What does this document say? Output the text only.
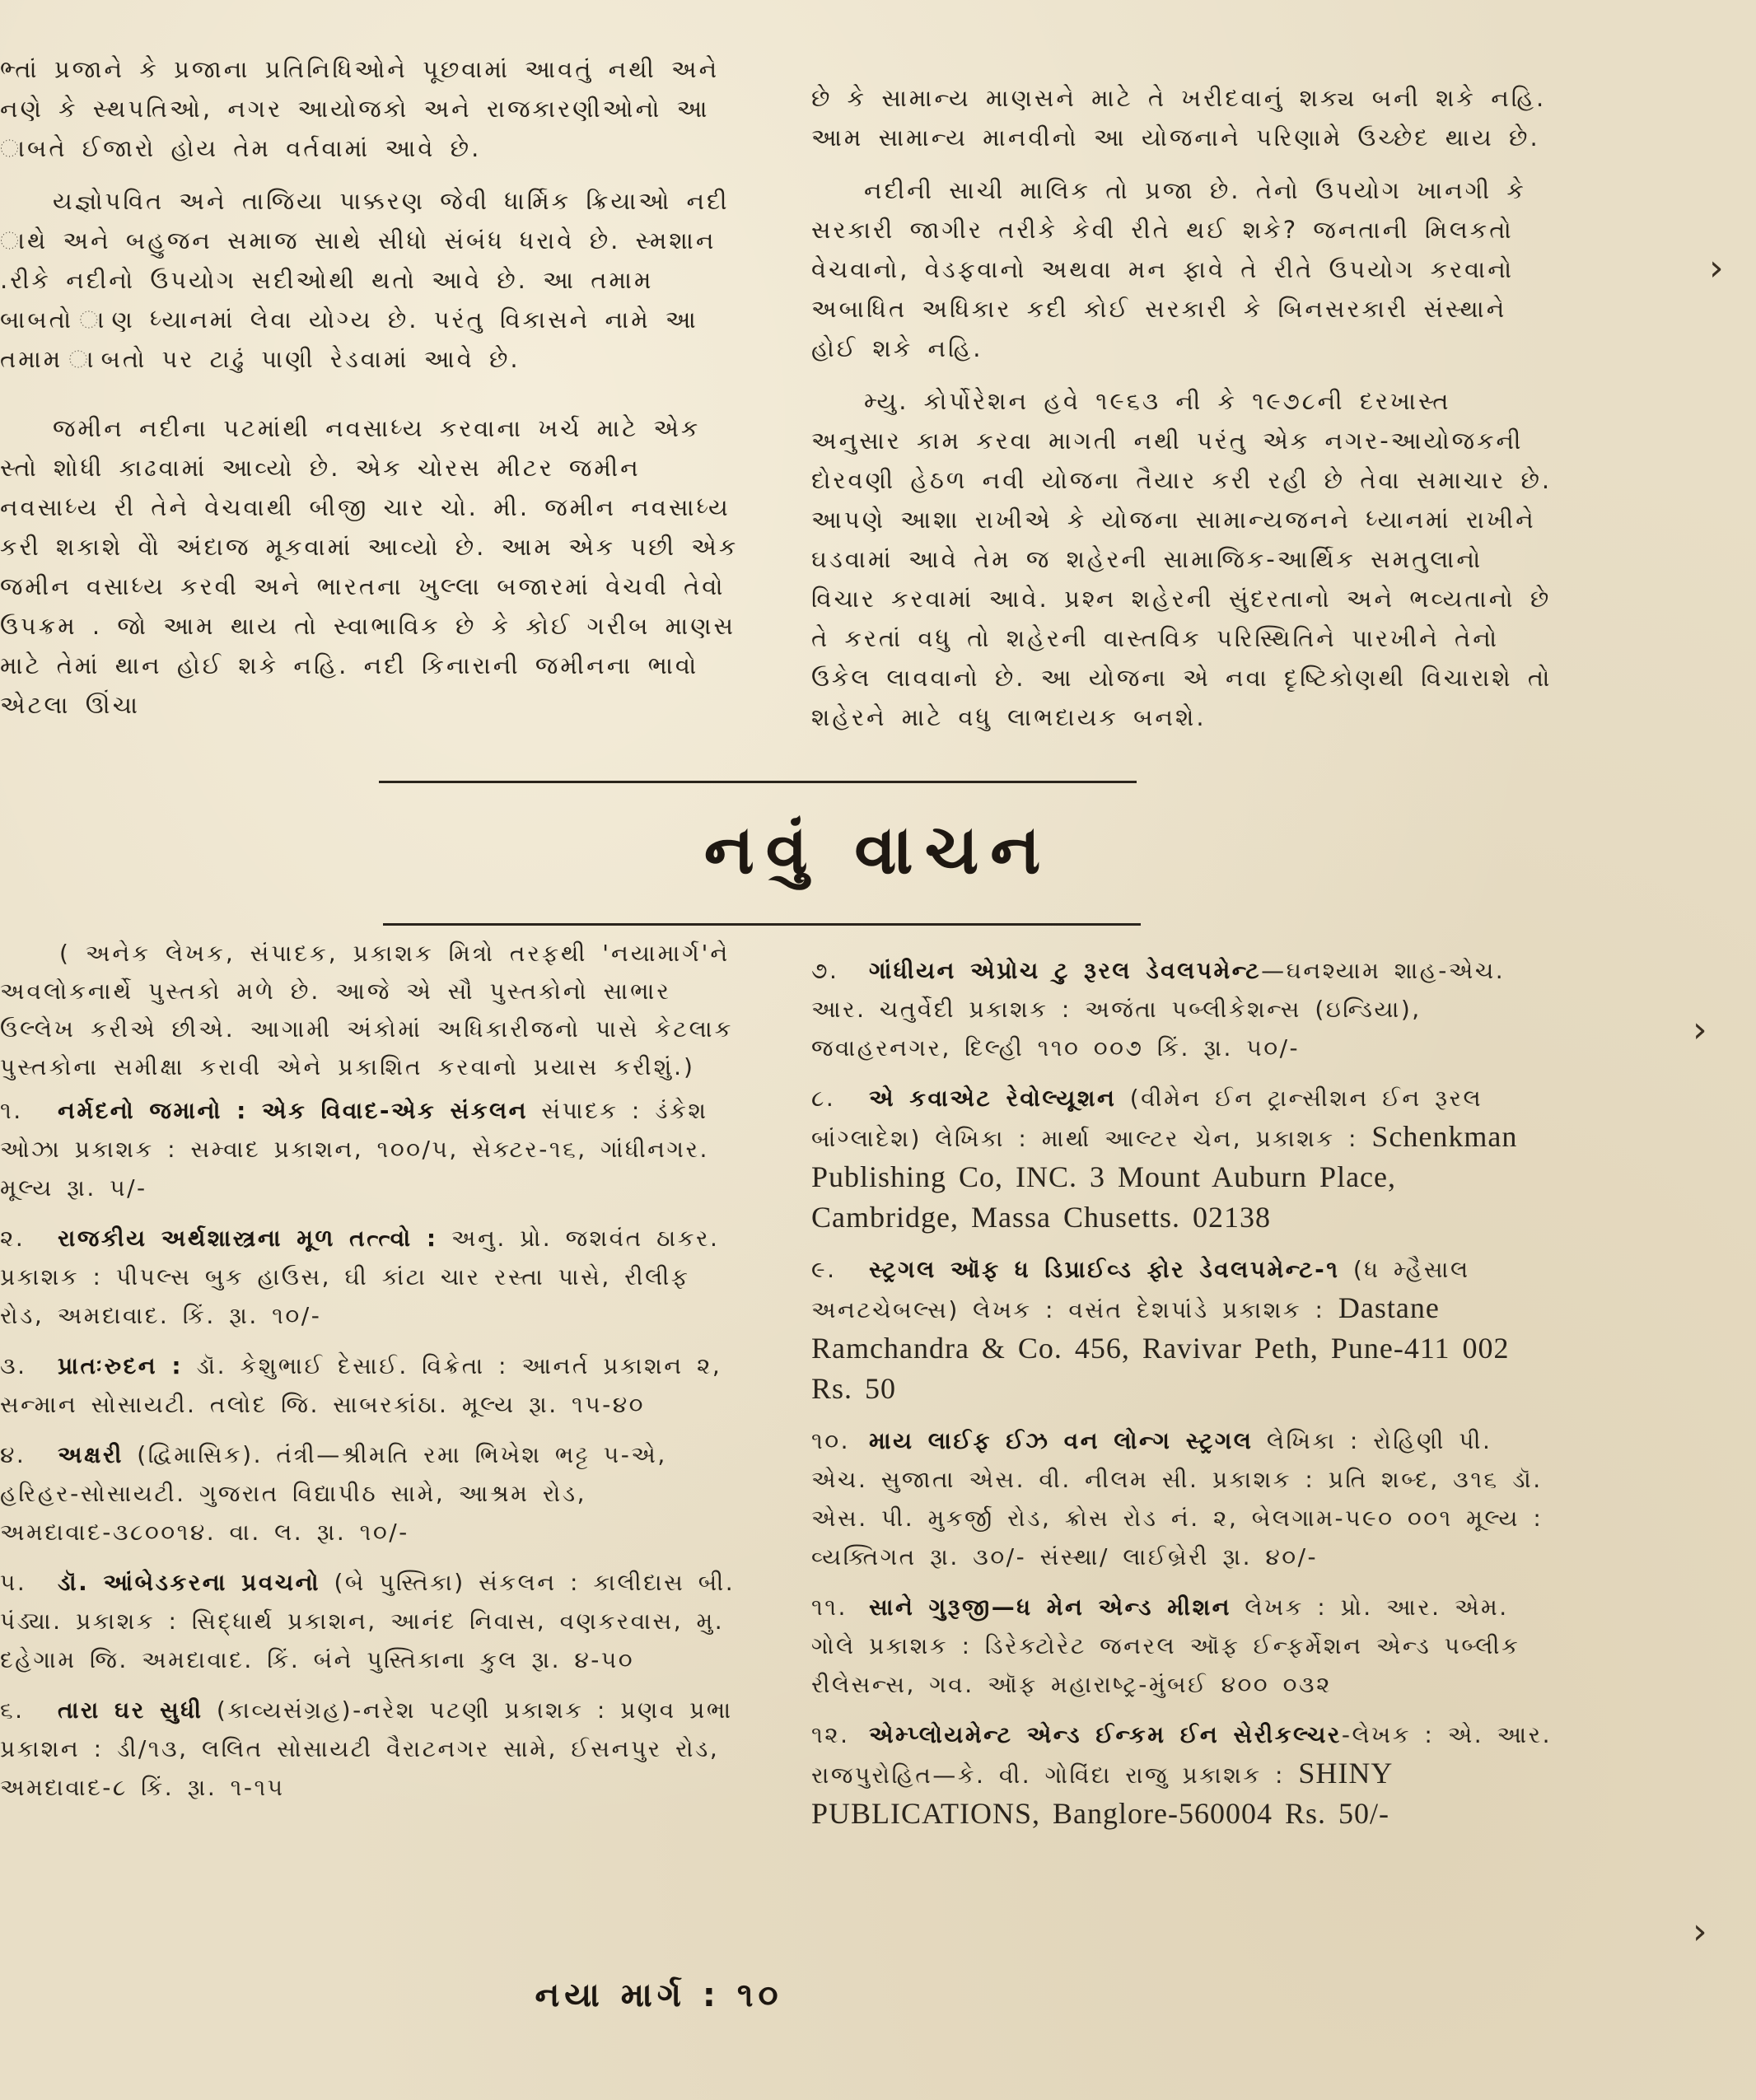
ભ્તાં પ્રજાને કે પ્રજાના પ્રતિનિધિઓને પૂછવામાં આવતું નથી અને નણે કે સ્થપતિઓ, નગર આયોજકો અને રાજકારણીઓનો આ ાબતે ઈજારો હોય તેમ વર્તવામાં આવે છે.

યજ્ઞોપવિત અને તાજિયા પાક્કરણ જેવી ધાર્મિક ક્રિયાઓ નદી ાથે અને બહુજન સમાજ સાથે સીધો સંબંધ ધરાવે છે. સ્મશાન .રીકે નદીનો ઉપયોગ સદીઓથી થતો આવે છે. આ તમામ બાબતો ાણ ધ્યાનમાં લેવા યોગ્ય છે. પરંતુ વિકાસને નામે આ તમામ ાબતો પર ટાઢું પાણી રેડવામાં આવે છે.

જમીન નદીના પટમાંથી નવસાધ્ય કરવાના ખર્ચ માટે એક સ્તો શોધી કાઢવામાં આવ્યો છે. એક ચોરસ મીટર જમીન નવસાધ્ય રી તેને વેચવાથી બીજી ચાર ચો. મી. જમીન નવસાધ્ય કરી શકાશે વેો અંદાજ મૂકવામાં આવ્યો છે. આમ એક પછી એક જમીન વસાધ્ય કરવી અને ભારતના ખુલ્લા બજારમાં વેચવી તેવો ઉપક્રમ . જો આમ થાય તો સ્વાભાવિક છે કે કોઈ ગરીબ માણસ માટે તેમાં થાન હોઈ શકે નહિ. નદી કિનારાની જમીનના ભાવો એટલા ઊંચા

છે કે સામાન્ય માણસને માટે તે ખરીદવાનું શક્ય બની શકે નહિ. આમ સામાન્ય માનવીનો આ યોજનાને પરિણામે ઉચ્છેદ થાય છે.

નદીની સાચી માલિક તો પ્રજા છે. તેનો ઉપયોગ ખાનગી કે સરકારી જાગીર તરીકે કેવી રીતે થઈ શકે? જનતાની મિલકતો વેચવાનો, વેડફવાનો અથવા મન ફાવે તે રીતે ઉપયોગ કરવાનો અબાધિત અધિકાર કદી કોઈ સરકારી કે બિનસરકારી સંસ્થાને હોઈ શકે નહિ.

મ્યુ. કોર્પોરેશન હવે ૧૯૬૩ ની કે ૧૯૭૮ની દરખાસ્ત અનુસાર કામ કરવા માગતી નથી પરંતુ એક નગર-આયોજકની દોરવણી હેઠળ નવી યોજના તૈયાર કરી રહી છે તેવા સમાચાર છે. આપણે આશા રાખીએ કે યોજના સામાન્યજનને ધ્યાનમાં રાખીને ઘડવામાં આવે તેમ જ શહેરની સામાજિક-આર્થિક સમતુલાનો વિચાર કરવામાં આવે. પ્રશ્ન શહેરની સુંદરતાનો અને ભવ્યતાનો છે તે કરતાં વધુ તો શહેરની વાસ્તવિક પરિસ્થિતિને પારખીને તેનો ઉકેલ લાવવાનો છે. આ યોજના એ નવા દૃષ્ટિકોણથી વિચારાશે તો શહેરને માટે વધુ લાભદાયક બનશે.

નવું વાચન

( અનેક લેખક, સંપાદક, પ્રકાશક મિત્રો તરફથી 'નયામાર્ગ'ને અવલોકનાર્થે પુસ્તકો મળે છે. આજે એ સૌ પુસ્તકોનો સાભાર ઉલ્લેખ કરીએ છીએ. આગામી અંકોમાં અધિકારીજનો પાસે કેટલાક પુસ્તકોના સમીક્ષા કરાવી એને પ્રકાશિત કરવાનો પ્રયાસ કરીશું.)

૧. નર્મદનો જમાનો : એક વિવાદ-એક સંકલન સંપાદક : ડંકેશ ઓઝા પ્રકાશક : સમ્વાદ પ્રકાશન, ૧૦૦/૫, સેક્ટર-૧૬, ગાંધીનગર. મૂલ્ય રૂા. ૫/-
૨. રાજકીય અર્થશાસ્ત્રના મૂળ તત્ત્વો : અનુ. પ્રો. જશવંત ઠાકર. પ્રકાશક : પીપલ્સ બુક હાઉસ, ઘી કાંટા ચાર રસ્તા પાસે, રીલીફ રોડ, અમદાવાદ. કિં. રૂા. ૧૦/-
૩. પ્રાતઃરુદન : ડૉ. કેશુભાઈ દેસાઈ. વિક્રેતા : આનર્ત પ્રકાશન ૨, સન્માન સોસાયટી. તલોદ જિ. સાબરકાંઠા. મૂલ્ય રૂા. ૧૫-૪૦
૪. અક્ષરી (દ્વિમાસિક). તંત્રી—શ્રીમતિ રમા ભિખેશ ભટ્ટ ૫-એ, હરિહર-સોસાયટી. ગુજરાત વિદ્યાપીઠ સામે, આશ્રમ રોડ, અમદાવાદ-૩૮૦૦૧૪. વા. લ. રૂા. ૧૦/-
૫. ડૉ. આંબેડકરના પ્રવચનો (બે પુસ્તિકા) સંકલન : કાલીદાસ બી. પંડ્યા. પ્રકાશક : સિદ્ધાર્થ પ્રકાશન, આનંદ નિવાસ, વણકરવાસ, મુ. દહેગામ જિ. અમદાવાદ. કિં. બંને પુસ્તિકાના કુલ રૂા. ૪-૫૦
૬. તારા ઘર સુધી (કાવ્યસંગ્રહ)-નરેશ પટણી પ્રકાશક : પ્રણવ પ્રભા પ્રકાશન : ડી/૧૩, લલિત સોસાયટી વૈરાટનગર સામે, ઈસનપુર રોડ, અમદાવાદ-૮ કિં. રૂા. ૧-૧૫
૭. ગાંધીયન એપ્રોચ ટુ રૂરલ ડેવલપમેન્ટ—ઘનશ્યામ શાહ-એચ. આર. ચતુર્વેદી પ્રકાશક : અજંતા પબ્લીકેશન્સ (ઇન્ડિયા), જવાહરનગર, દિલ્હી ૧૧૦ ૦૦૭ કિં. રૂા. ૫૦/-
૮. એ કવાએટ રેવોલ્યૂશન (વીમેન ઈન ટ્રાન્સીશન ઈન રૂરલ બાંગ્લાદેશ) લેખિકા : માર્થા આલ્ટર ચેન, પ્રકાશક : Schenkman Publishing Co, INC. 3 Mount Auburn Place, Cambridge, Massa Chusetts. 02138
૯. સ્ટ્રગલ ઑફ ધ ડિપ્રાઈવ્ડ ફોર ડેવલપમેન્ટ-૧ (ધ મ્હૈસાલ અનટચેબલ્સ) લેખક : વસંત દેશપાંડે પ્રકાશક : Dastane Ramchandra & Co. 456, Ravivar Peth, Pune-411 002 Rs. 50
૧૦. માય લાઈફ ઈઝ વન લોન્ગ સ્ટ્રગલ લેખિકા : રોહિણી પી. એચ. સુજાતા એસ. વી. નીલમ સી. પ્રકાશક : પ્રતિ શબ્દ, ૩૧૬ ડૉ. એસ. પી. મુકર્જી રોડ, ક્રોસ રોડ નં. ૨, બેલગામ-૫૯૦ ૦૦૧ મૂલ્ય : વ્યક્તિગત રૂા. ૩૦/- સંસ્થા/ લાઈબ્રેરી રૂા. ૪૦/-
૧૧. સાને ગુરૂજી—ધ મેન એન્ડ મીશન લેખક : પ્રો. આર. એમ. ગોલે પ્રકાશક : ડિરેક્ટોરેટ જનરલ ઑફ ઈન્ફર્મેશન એન્ડ પબ્લીક રીલેસન્સ, ગવ. ઑફ મહારાષ્ટ્ર-મુંબઈ ૪૦૦ ૦૩૨
૧૨. એમ્પ્લોયમેન્ટ એન્ડ ઈન્કમ ઈન સેરીકલ્ચર-લેખક : એ. આર. રાજપુરોહિત—કે. વી. ગોવિંદા રાજુ પ્રકાશક : SHINY PUBLICATIONS, Banglore-560004 Rs. 50/-
›
›
›
નયા માર્ગ : ૧૦
